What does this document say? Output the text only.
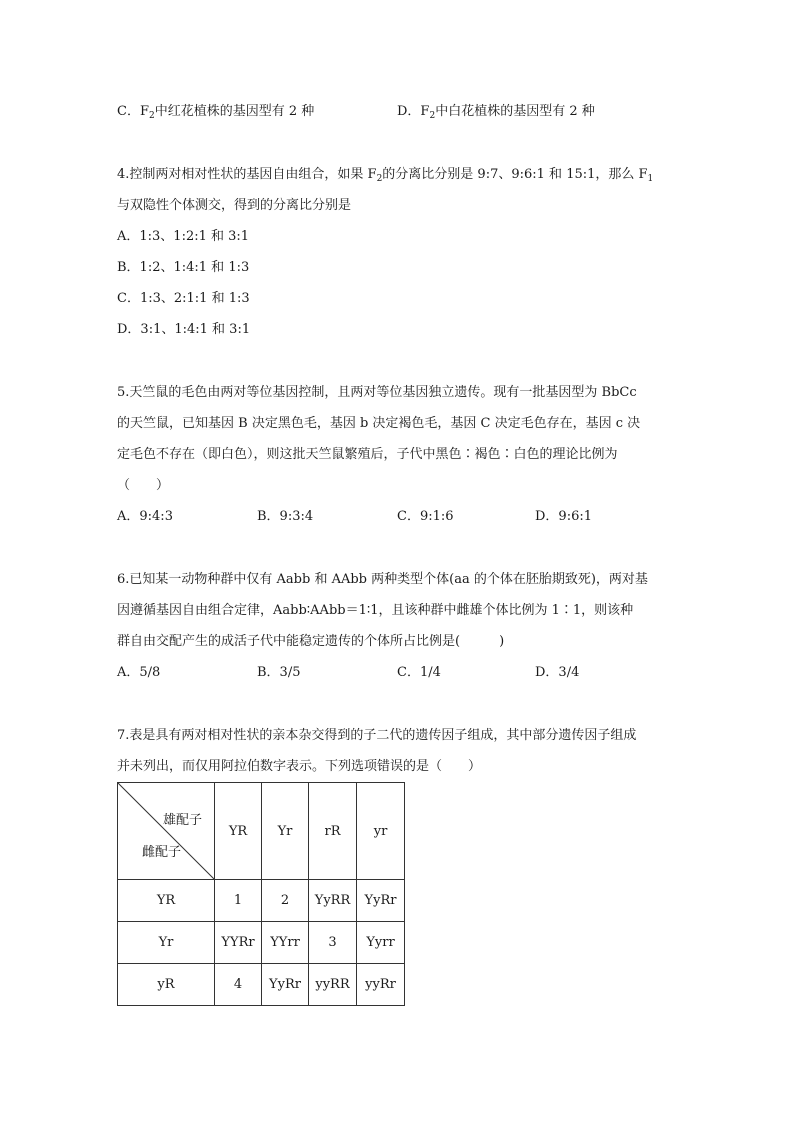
C．$F_2$中红花植株的基因型有 2 种	D．$F_2$中白花植株的基因型有 2 种
4.控制两对相对性状的基因自由组合，如果 $F_2$的分离比分别是 9:7、9:6:1 和 15:1，那么 $F_1$
与双隐性个体测交，得到的分离比分别是
A．1:3、1:2:1 和 3:1
B．1:2、1:4:1 和 1:3
C．1:3、2:1:1 和 1:3
D．3:1、1:4:1 和 3:1
5.天竺鼠的毛色由两对等位基因控制，且两对等位基因独立遗传。现有一批基因型为 BbCc
的天竺鼠，已知基因 B 决定黑色毛，基因 b 决定褐色毛，基因 C 决定毛色存在，基因 c 决
定毛色不存在（即白色），则这批天竺鼠繁殖后，子代中黑色∶褐色∶白色的理论比例为
（　　）
A．9:4:3	B．9:3:4	C．9:1:6	D．9:6:1
6.已知某一动物种群中仅有 Aabb 和 AAbb 两种类型个体(aa 的个体在胚胎期致死)，两对基
因遵循基因自由组合定律，Aabb∶AAbb＝1∶1，且该种群中雌雄个体比例为 1∶1，则该种
群自由交配产生的成活子代中能稳定遗传的个体所占比例是(　　　)
A．5/8	B．3/5	C．1/4	D．3/4
7.表是具有两对相对性状的亲本杂交得到的子二代的遗传因子组成，其中部分遗传因子组成
并未列出，而仅用阿拉伯数字表示。下列选项错误的是（　　）
雄配子
雌配子	YR	Yr	rR	yr
YR	1	2	YyRR	YyRr
Yr	YYRr	YYrr	3	Yyrr
yR	4	YyRr	yyRR	yyRr
